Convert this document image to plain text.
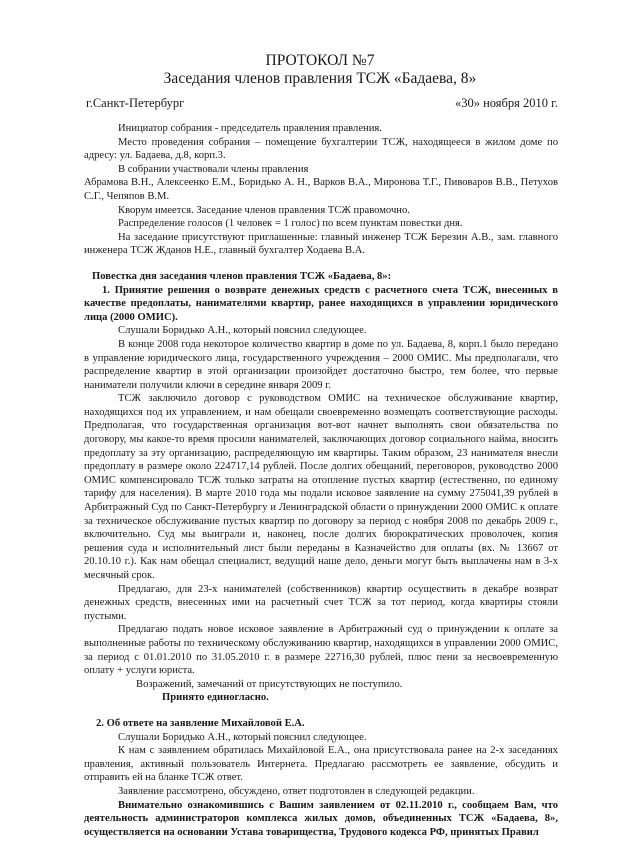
ПРОТОКОЛ №7
Заседания членов правления ТСЖ «Бадаева, 8»
г.Санкт-Петербург	«30» ноября 2010 г.

Инициатор собрания - председатель правления правления.

Место проведения собрания – помещение бухгалтерии ТСЖ, находящееся в жилом доме по адресу: ул. Бадаева, д.8, корп.3.

В собрании участвовали члены правления

Абрамова В.Н., Алексеенко Е.М., Боридько А. Н., Варков В.А., Миронова Т.Г., Пивоваров В.В., Петухов С.Г., Чепяпов В.М.

Кворум имеется. Заседание членов правления ТСЖ правомочно.

Распределение голосов (1 человек = 1 голос) по всем пунктам повестки дня.

На заседание присутствуют приглашенные: главный инженер ТСЖ Березин А.В., зам. главного инженера ТСЖ Жданов Н.Е., главный бухгалтер Ходаева В.А.

Повестка дня заседания членов правления ТСЖ «Бадаева, 8»:

1. Принятие решения о возврате денежных средств с расчетного счета ТСЖ, внесенных в качестве предоплаты, нанимателями квартир, ранее находящихся в управлении юридического лица (2000 ОМИС).

Слушали Боридько А.Н., который пояснил следующее.

В конце 2008 года некоторое количество квартир в доме по ул. Бадаева, 8, корп.1 было передано в управление юридического лица, государственного учреждения – 2000 ОМИС. Мы предполагали, что распределение квартир в этой организации произойдет достаточно быстро, тем более, что первые наниматели получили ключи в середине января 2009 г.

ТСЖ заключило договор с руководством ОМИС на техническое обслуживание квартир, находящихся под их управлением, и нам обещали своевременно возмещать соответствующие расходы. Предполагая, что государственная организация вот-вот начнет выполнять свои обязательства по договору, мы какое-то время просили нанимателей, заключающих договор социального найма, вносить предоплату за эту организацию, распределяющую им квартиры. Таким образом, 23 нанимателя внесли предоплату в размере около 224717,14 рублей. После долгих обещаний, переговоров, руководство 2000 ОМИС компенсировало ТСЖ только затраты на отопление пустых квартир (естественно, по единому тарифу для населения). В марте 2010 года мы подали исковое заявление на сумму 275041,39 рублей в Арбитражный Суд по Санкт-Петербургу и Ленинградской области о принуждении 2000 ОМИС к оплате за техническое обслуживание пустых квартир по договору за период с ноября 2008 по декабрь 2009 г., включительно. Суд мы выиграли и, наконец, после долгих бюрократических проволочек, копия решения суда и исполнительный лист были переданы в Казначейство для оплаты (вх. № 13667 от 20.10.10 г.). Как нам обещал специалист, ведущий наше дело, деньги могут быть выплачены нам в 3-х месячный срок.

Предлагаю, для 23-х нанимателей (собственников) квартир осуществить в декабре возврат денежных средств, внесенных ими на расчетный счет ТСЖ за тот период, когда квартиры стояли пустыми.

Предлагаю подать новое исковое заявление в Арбитражный суд о принуждении к оплате за выполненные работы по техническому обслуживанию квартир, находящихся в управлении 2000 ОМИС, за период с 01.01.2010 по 31.05.2010 г. в размере 22716,30 рублей, плюс пени за несвоевременную оплату + услуги юриста.

Возражений, замечаний от присутствующих не поступило.

Принято единогласно.

2. Об ответе на заявление Михайловой Е.А.

Слушали Боридько А.Н., который пояснил следующее.

К нам с заявлением обратилась Михайловой Е.А., она присутствовала ранее на 2-х заседаниях правления, активный пользователь Интернета. Предлагаю рассмотреть ее заявление, обсудить и отправить ей на бланке ТСЖ ответ.

Заявление рассмотрено, обсуждено, ответ подготовлен в следующей редакции.

Внимательно ознакомившись с Вашим заявлением от 02.11.2010 г., сообщаем Вам, что деятельность администраторов комплекса жилых домов, объединенных ТСЖ «Бадаева, 8», осуществляется на основании Устава товарищества, Трудового кодекса РФ, принятых Правил
